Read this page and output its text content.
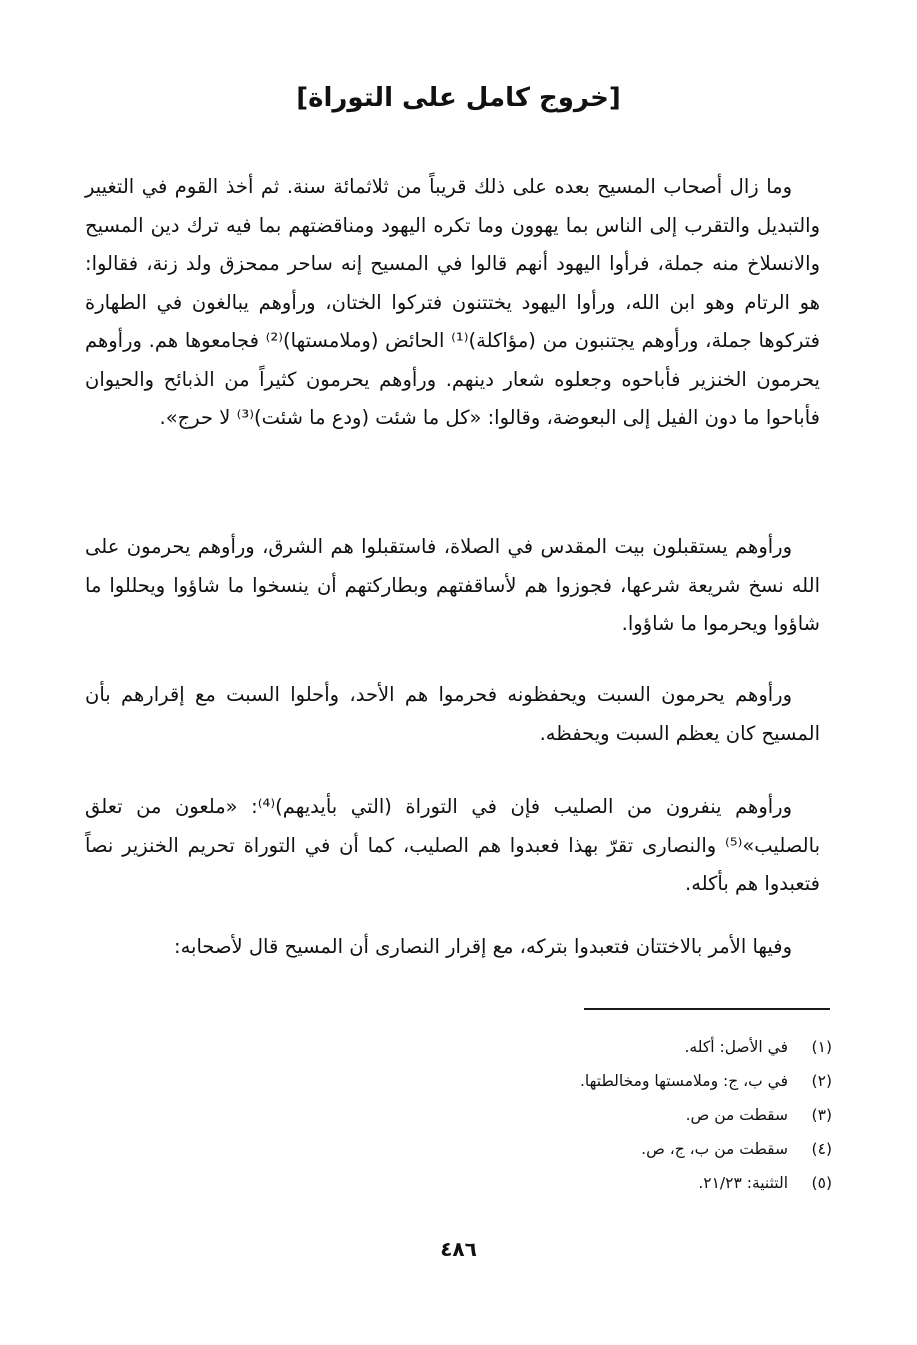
[خروج كامل على التوراة]

وما زال أصحاب المسيح بعده على ذلك قريباً من ثلاثمائة سنة. ثم أخذ القوم في التغيير والتبديل والتقرب إلى الناس بما يهوون وما تكره اليهود ومناقضتهم بما فيه ترك دين المسيح والانسلاخ منه جملة، فرأوا اليهود أنهم قالوا في المسيح إنه ساحر ممحزق ولد زنة، فقالوا: هو الرتام وهو ابن الله، ورأوا اليهود يختتنون فتركوا الختان، ورأوهم يبالغون في الطهارة فتركوها جملة، ورأوهم يجتنبون من (مؤاكلة)⁽¹⁾ الحائض (وملامستها)⁽²⁾ فجامعوها هم. ورأوهم يحرمون الخنزير فأباحوه وجعلوه شعار دينهم. ورأوهم يحرمون كثيراً من الذبائح والحيوان فأباحوا ما دون الفيل إلى البعوضة، وقالوا: «كل ما شئت (ودع ما شئت)⁽³⁾ لا حرج».

ورأوهم يستقبلون بيت المقدس في الصلاة، فاستقبلوا هم الشرق، ورأوهم يحرمون على الله نسخ شريعة شرعها، فجوزوا هم لأساقفتهم وبطاركتهم أن ينسخوا ما شاؤوا ويحللوا ما شاؤوا ويحرموا ما شاؤوا.

ورأوهم يحرمون السبت ويحفظونه فحرموا هم الأحد، وأحلوا السبت مع إقرارهم بأن المسيح كان يعظم السبت ويحفظه.

ورأوهم ينفرون من الصليب فإن في التوراة (التي بأيديهم)⁽⁴⁾: «ملعون من تعلق بالصليب»⁽⁵⁾ والنصارى تقرّ بهذا فعبدوا هم الصليب، كما أن في التوراة تحريم الخنزير نصاً فتعبدوا هم بأكله.

وفيها الأمر بالاختتان فتعبدوا بتركه، مع إقرار النصارى أن المسيح قال لأصحابه:

(١)
في الأصل: أكله.
(٢)
في ب، ج: وملامستها ومخالطتها.
(٣)
سقطت من ص.
(٤)
سقطت من ب، ج، ص.
(٥)
التثنية: ٢١/٢٣.
٤٨٦
